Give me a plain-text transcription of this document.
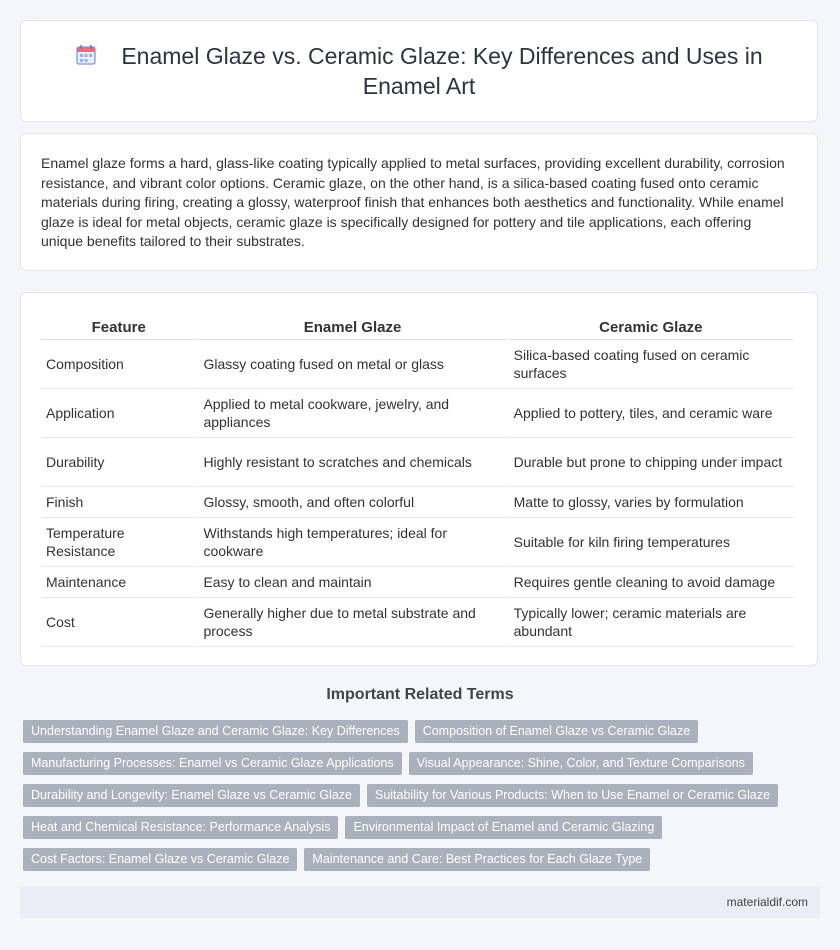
Enamel Glaze vs. Ceramic Glaze: Key Differences and Uses in Enamel Art

Enamel glaze forms a hard, glass-like coating typically applied to metal surfaces, providing excellent durability, corrosion resistance, and vibrant color options. Ceramic glaze, on the other hand, is a silica-based coating fused onto ceramic materials during firing, creating a glossy, waterproof finish that enhances both aesthetics and functionality. While enamel glaze is ideal for metal objects, ceramic glaze is specifically designed for pottery and tile applications, each offering unique benefits tailored to their substrates.

Feature	Enamel Glaze	Ceramic Glaze
Composition	Glassy coating fused on metal or glass	Silica-based coating fused on ceramic surfaces
Application	Applied to metal cookware, jewelry, and appliances	Applied to pottery, tiles, and ceramic ware
Durability	Highly resistant to scratches and chemicals	Durable but prone to chipping under impact
Finish	Glossy, smooth, and often colorful	Matte to glossy, varies by formulation
Temperature Resistance	Withstands high temperatures; ideal for cookware	Suitable for kiln firing temperatures
Maintenance	Easy to clean and maintain	Requires gentle cleaning to avoid damage
Cost	Generally higher due to metal substrate and process	Typically lower; ceramic materials are abundant
Important Related Terms
Understanding Enamel Glaze and Ceramic Glaze: Key Differences	Composition of Enamel Glaze vs Ceramic Glaze
Manufacturing Processes: Enamel vs Ceramic Glaze Applications	Visual Appearance: Shine, Color, and Texture Comparisons
Durability and Longevity: Enamel Glaze vs Ceramic Glaze	Suitability for Various Products: When to Use Enamel or Ceramic Glaze
Heat and Chemical Resistance: Performance Analysis	Environmental Impact of Enamel and Ceramic Glazing
Cost Factors: Enamel Glaze vs Ceramic Glaze	Maintenance and Care: Best Practices for Each Glaze Type
materialdif.com
